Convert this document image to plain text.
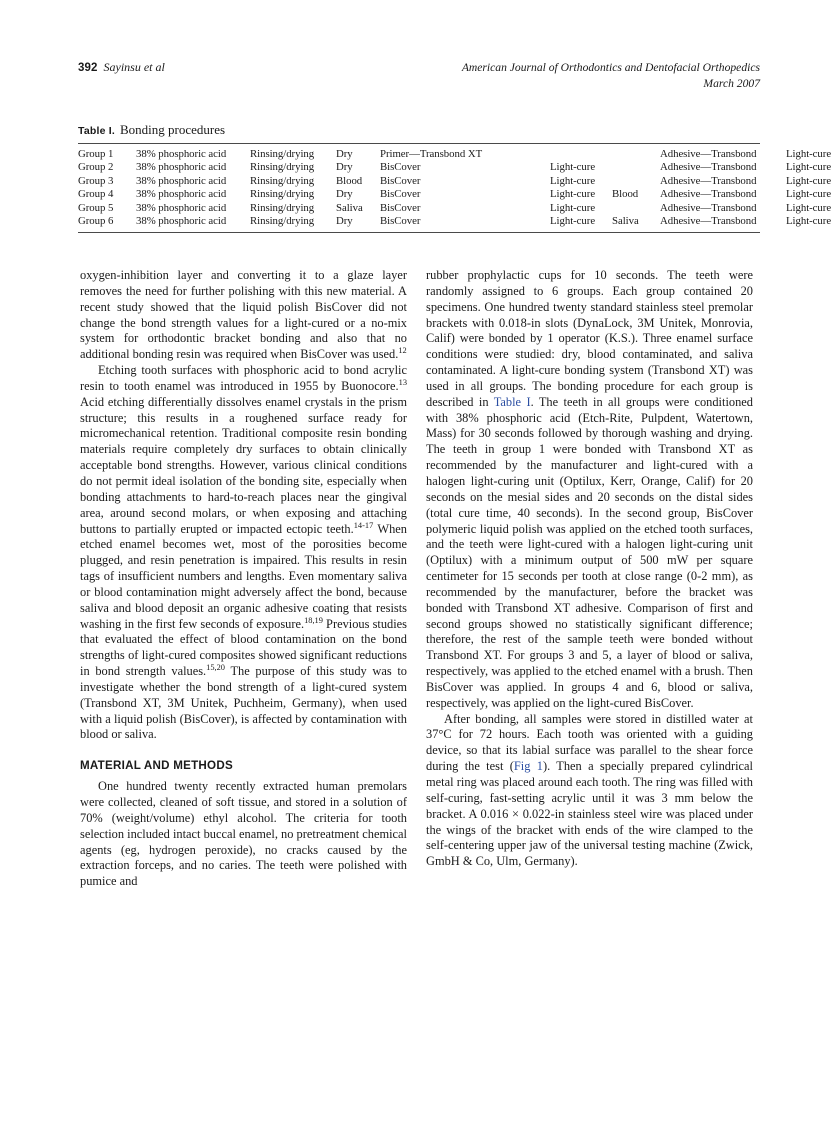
392 Sayinsu et al	American Journal of Orthodontics and Dentofacial Orthopedics
March 2007
Table I. Bonding procedures
Group 1	38% phosphoric acid	Rinsing/drying	Dry	Primer—Transbond XT			Adhesive—Transbond	Light-cure
Group 2	38% phosphoric acid	Rinsing/drying	Dry	BisCover	Light-cure		Adhesive—Transbond	Light-cure
Group 3	38% phosphoric acid	Rinsing/drying	Blood	BisCover	Light-cure		Adhesive—Transbond	Light-cure
Group 4	38% phosphoric acid	Rinsing/drying	Dry	BisCover	Light-cure	Blood	Adhesive—Transbond	Light-cure
Group 5	38% phosphoric acid	Rinsing/drying	Saliva	BisCover	Light-cure		Adhesive—Transbond	Light-cure
Group 6	38% phosphoric acid	Rinsing/drying	Dry	BisCover	Light-cure	Saliva	Adhesive—Transbond	Light-cure

oxygen-inhibition layer and converting it to a glaze layer removes the need for further polishing with this new material. A recent study showed that the liquid polish BisCover did not change the bond strength values for a light-cured or a no-mix system for orthodontic bracket bonding and also that no additional bonding resin was required when BisCover was used.$^{12}$

Etching tooth surfaces with phosphoric acid to bond acrylic resin to tooth enamel was introduced in 1955 by Buonocore.$^{13}$ Acid etching differentially dissolves enamel crystals in the prism structure; this results in a roughened surface ready for micromechanical retention. Traditional composite resin bonding materials require completely dry surfaces to obtain clinically acceptable bond strengths. However, various clinical conditions do not permit ideal isolation of the bonding site, especially when bonding attachments to hard-to-reach places near the gingival area, around second molars, or when exposing and attaching buttons to partially erupted or impacted ectopic teeth.$^{14-17}$ When etched enamel becomes wet, most of the porosities become plugged, and resin penetration is impaired. This results in resin tags of insufficient numbers and lengths. Even momentary saliva or blood contamination might adversely affect the bond, because saliva and blood deposit an organic adhesive coating that resists washing in the first few seconds of exposure.$^{18,19}$ Previous studies that evaluated the effect of blood contamination on the bond strengths of light-cured composites showed significant reductions in bond strength values.$^{15,20}$ The purpose of this study was to investigate whether the bond strength of a light-cured system (Transbond XT, 3M Unitek, Puchheim, Germany), when used with a liquid polish (BisCover), is affected by contamination with blood or saliva.

MATERIAL AND METHODS

One hundred twenty recently extracted human premolars were collected, cleaned of soft tissue, and stored in a solution of 70% (weight/volume) ethyl alcohol. The criteria for tooth selection included intact buccal enamel, no pretreatment chemical agents (eg, hydrogen peroxide), no cracks caused by the extraction forceps, and no caries. The teeth were polished with pumice and

rubber prophylactic cups for 10 seconds. The teeth were randomly assigned to 6 groups. Each group contained 20 specimens. One hundred twenty standard stainless steel premolar brackets with 0.018-in slots (DynaLock, 3M Unitek, Monrovia, Calif) were bonded by 1 operator (K.S.). Three enamel surface conditions were studied: dry, blood contaminated, and saliva contaminated. A light-cure bonding system (Transbond XT) was used in all groups. The bonding procedure for each group is described in Table I. The teeth in all groups were conditioned with 38% phosphoric acid (Etch-Rite, Pulpdent, Watertown, Mass) for 30 seconds followed by thorough washing and drying. The teeth in group 1 were bonded with Transbond XT as recommended by the manufacturer and light-cured with a halogen light-curing unit (Optilux, Kerr, Orange, Calif) for 20 seconds on the mesial sides and 20 seconds on the distal sides (total cure time, 40 seconds). In the second group, BisCover polymeric liquid polish was applied on the etched tooth surfaces, and the teeth were light-cured with a halogen light-curing unit (Optilux) with a minimum output of 500 mW per square centimeter for 15 seconds per tooth at close range (0-2 mm), as recommended by the manufacturer, before the bracket was bonded with Transbond XT adhesive. Comparison of first and second groups showed no statistically significant difference; therefore, the rest of the sample teeth were bonded without Transbond XT. For groups 3 and 5, a layer of blood or saliva, respectively, was applied to the etched enamel with a brush. Then BisCover was applied. In groups 4 and 6, blood or saliva, respectively, was applied on the light-cured BisCover.

After bonding, all samples were stored in distilled water at 37°C for 72 hours. Each tooth was oriented with a guiding device, so that its labial surface was parallel to the shear force during the test (Fig 1). Then a specially prepared cylindrical metal ring was placed around each tooth. The ring was filled with self-curing, fast-setting acrylic until it was 3 mm below the bracket. A 0.016 × 0.022-in stainless steel wire was placed under the wings of the bracket with ends of the wire clamped to the self-centering upper jaw of the universal testing machine (Zwick, GmbH & Co, Ulm, Germany).
